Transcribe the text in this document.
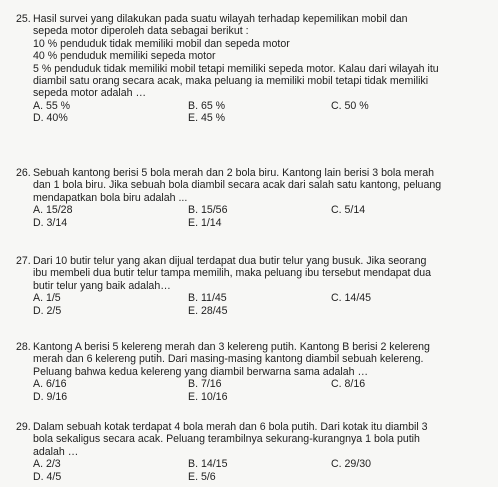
25. Hasil survei yang dilakukan pada suatu wilayah terhadap kepemilikan mobil dan
sepeda motor diperoleh data sebagai berikut :
10 % penduduk tidak memiliki mobil dan sepeda motor
40 % penduduk memiliki sepeda motor
5 % penduduk tidak memiliki mobil tetapi memiliki sepeda motor. Kalau dari wilayah itu
diambil satu orang secara acak, maka peluang ia memiliki mobil tetapi tidak memiliki
sepeda motor adalah …
A. 55 %	B. 65 %	C. 50 %
D. 40%	E. 45 %
26. Sebuah kantong berisi 5 bola merah dan 2 bola biru. Kantong lain berisi 3 bola merah
dan 1 bola biru. Jika sebuah bola diambil secara acak dari salah satu kantong, peluang
mendapatkan bola biru adalah ...
A. 15/28	B. 15/56	C. 5/14
D. 3/14	E. 1/14
27. Dari 10 butir telur yang akan dijual terdapat dua butir telur yang busuk. Jika seorang
ibu membeli dua butir telur tampa memilih, maka peluang ibu tersebut mendapat dua
butir telur yang baik adalah…
A. 1/5	B. 11/45	C. 14/45
D. 2/5	E. 28/45
28. Kantong A berisi 5 kelereng merah dan 3 kelereng putih. Kantong B berisi 2 kelereng
merah dan 6 kelereng putih. Dari masing-masing kantong diambil sebuah kelereng.
Peluang bahwa kedua kelereng yang diambil berwarna sama adalah …
A. 6/16	B. 7/16	C. 8/16
D. 9/16	E. 10/16
29. Dalam sebuah kotak terdapat 4 bola merah dan 6 bola putih. Dari kotak itu diambil 3
bola sekaligus secara acak. Peluang terambilnya sekurang-kurangnya 1 bola putih
adalah …
A. 2/3	B. 14/15	C. 29/30
D. 4/5	E. 5/6
